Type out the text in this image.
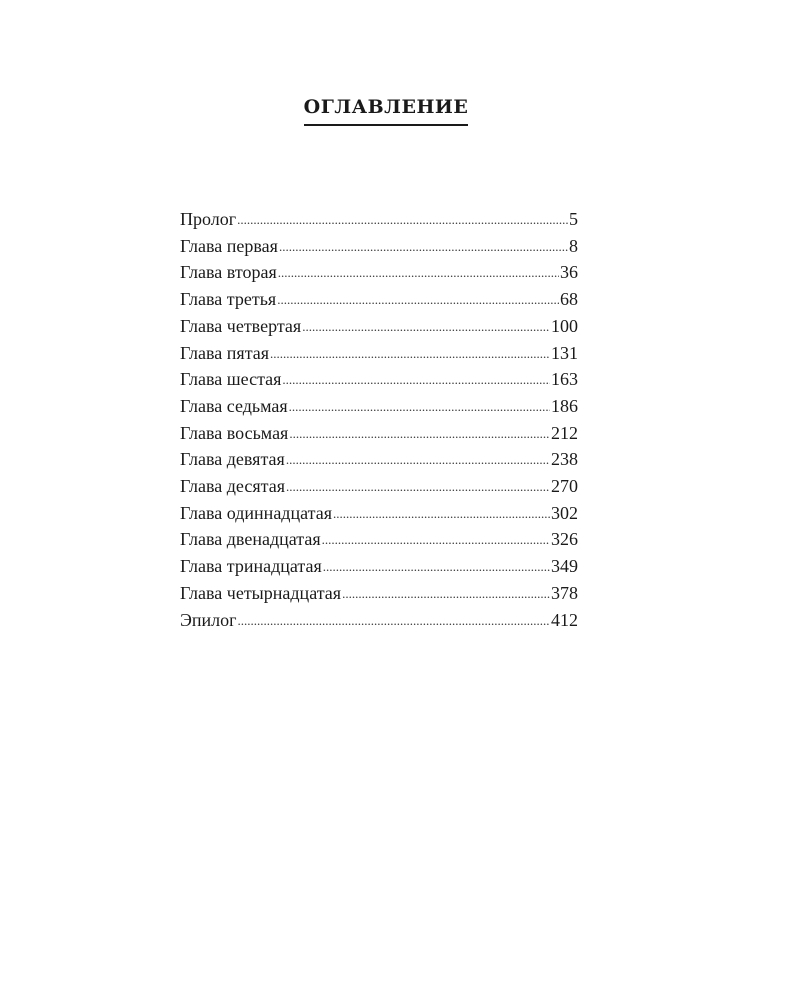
ОГЛАВЛЕНИЕ
Пролог .....	5
Глава первая .....	8
Глава вторая .....	36
Глава третья .....	68
Глава четвертая .....	100
Глава пятая .....	131
Глава шестая .....	163
Глава седьмая .....	186
Глава восьмая .....	212
Глава девятая .....	238
Глава десятая .....	270
Глава одиннадцатая .....	302
Глава двенадцатая .....	326
Глава тринадцатая .....	349
Глава четырнадцатая .....	378
Эпилог .....	412
